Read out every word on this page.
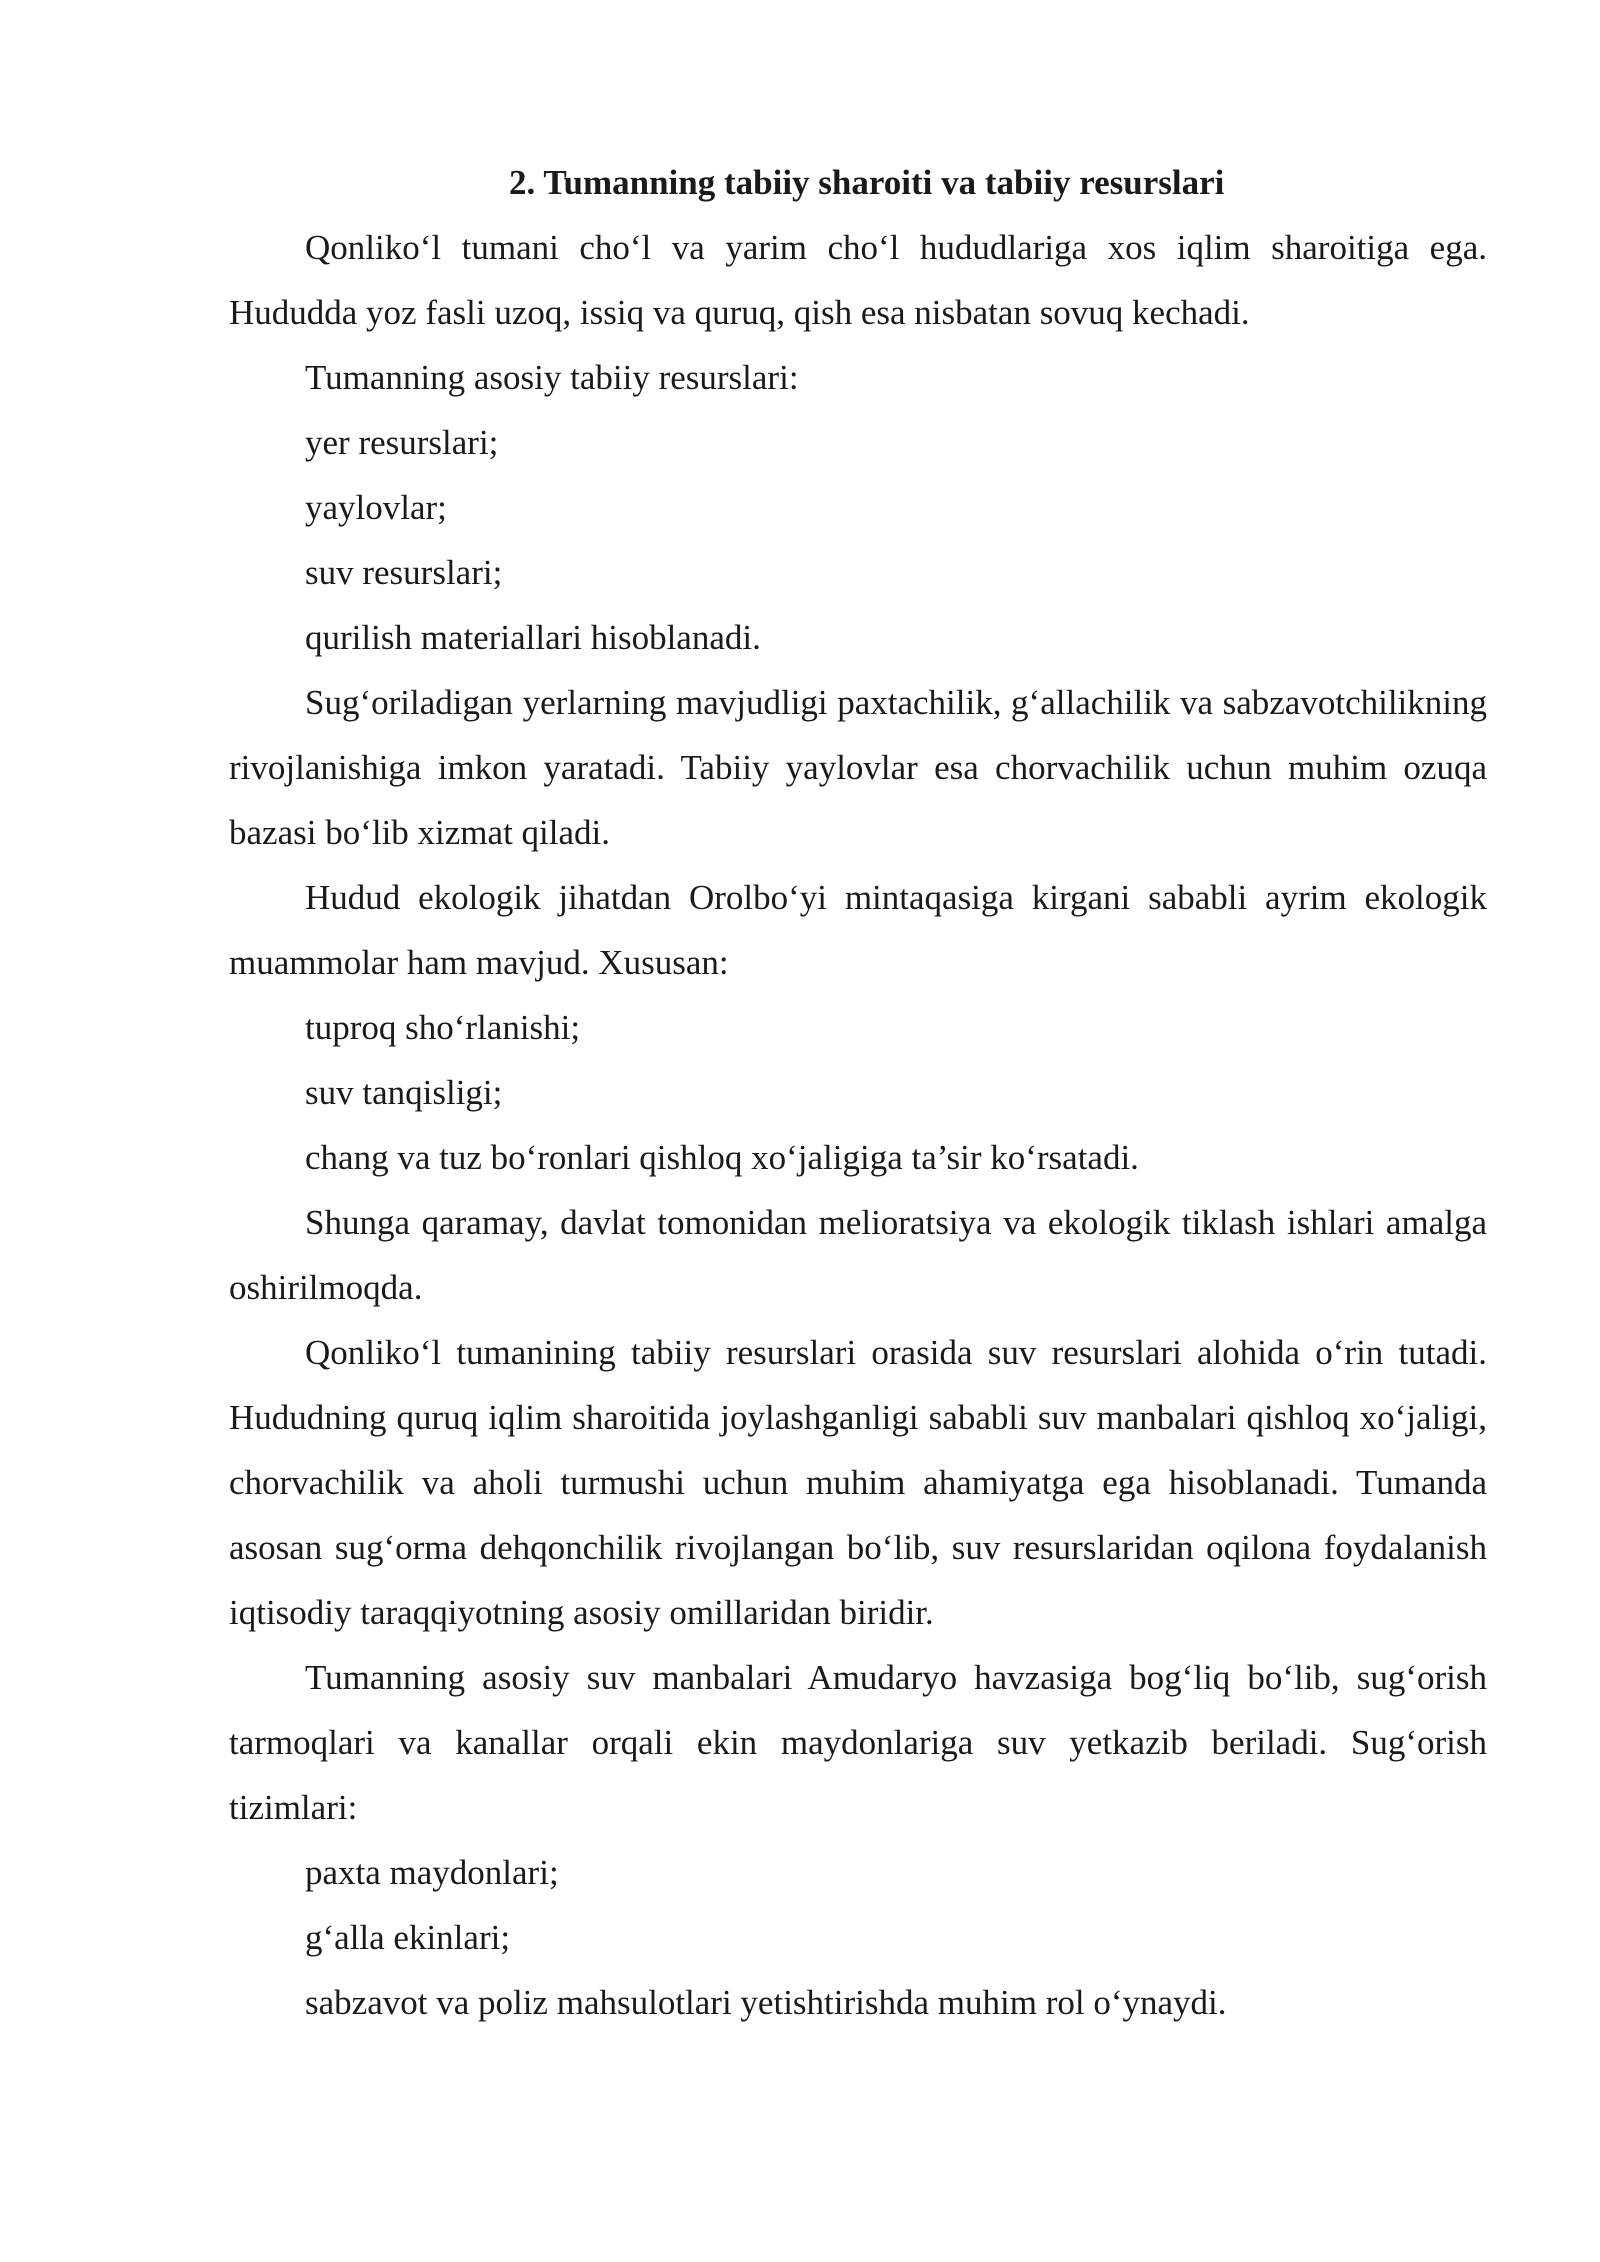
2. Tumanning tabiiy sharoiti va tabiiy resurslari

Qonliko‘l tumani cho‘l va yarim cho‘l hududlariga xos iqlim sharoitiga ega. Hududda yoz fasli uzoq, issiq va quruq, qish esa nisbatan sovuq kechadi.

Tumanning asosiy tabiiy resurslari:

yer resurslari;

yaylovlar;

suv resurslari;

qurilish materiallari hisoblanadi.

Sug‘oriladigan yerlarning mavjudligi paxtachilik, g‘allachilik va sabzavotchilikning rivojlanishiga imkon yaratadi. Tabiiy yaylovlar esa chorvachilik uchun muhim ozuqa bazasi bo‘lib xizmat qiladi.

Hudud ekologik jihatdan Orolbo‘yi mintaqasiga kirgani sababli ayrim ekologik muammolar ham mavjud. Xususan:

tuproq sho‘rlanishi;

suv tanqisligi;

chang va tuz bo‘ronlari qishloq xo‘jaligiga ta’sir ko‘rsatadi.

Shunga qaramay, davlat tomonidan melioratsiya va ekologik tiklash ishlari amalga oshirilmoqda.

Qonliko‘l tumanining tabiiy resurslari orasida suv resurslari alohida o‘rin tutadi. Hududning quruq iqlim sharoitida joylashganligi sababli suv manbalari qishloq xo‘jaligi, chorvachilik va aholi turmushi uchun muhim ahamiyatga ega hisoblanadi. Tumanda asosan sug‘orma dehqonchilik rivojlangan bo‘lib, suv resurslaridan oqilona foydalanish iqtisodiy taraqqiyotning asosiy omillaridan biridir.

Tumanning asosiy suv manbalari Amudaryo havzasiga bog‘liq bo‘lib, sug‘orish tarmoqlari va kanallar orqali ekin maydonlariga suv yetkazib beriladi. Sug‘orish tizimlari:

paxta maydonlari;

g‘alla ekinlari;

sabzavot va poliz mahsulotlari yetishtirishda muhim rol o‘ynaydi.
